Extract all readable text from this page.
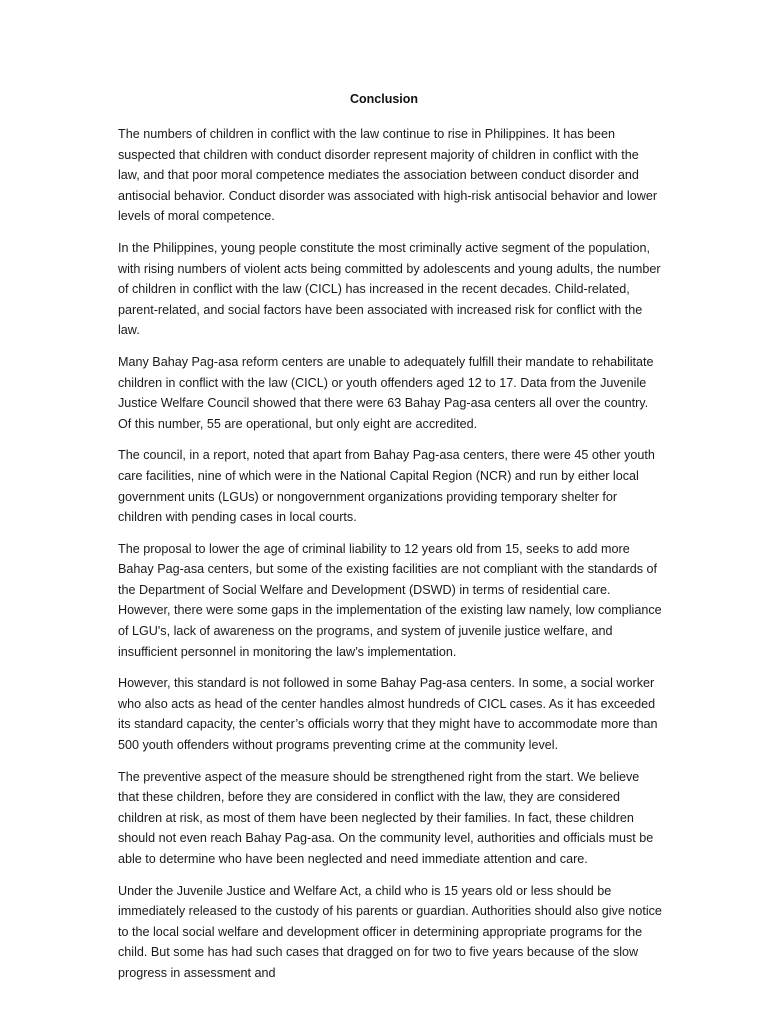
Conclusion

The numbers of children in conflict with the law continue to rise in Philippines. It has been suspected that children with conduct disorder represent majority of children in conflict with the law, and that poor moral competence mediates the association between conduct disorder and antisocial behavior. Conduct disorder was associated with high-risk antisocial behavior and lower levels of moral competence.

In the Philippines, young people constitute the most criminally active segment of the population, with rising numbers of violent acts being committed by adolescents and young adults, the number of children in conflict with the law (CICL) has increased in the recent decades. Child-related, parent-related, and social factors have been associated with increased risk for conflict with the law.

Many Bahay Pag-asa reform centers are unable to adequately fulfill their mandate to rehabilitate children in conflict with the law (CICL) or youth offenders aged 12 to 17. Data from the Juvenile Justice Welfare Council showed that there were 63 Bahay Pag-asa centers all over the country. Of this number, 55 are operational, but only eight are accredited.

The council, in a report, noted that apart from Bahay Pag-asa centers, there were 45 other youth care facilities, nine of which were in the National Capital Region (NCR) and run by either local government units (LGUs) or nongovernment organizations providing temporary shelter for children with pending cases in local courts.

The proposal to lower the age of criminal liability to 12 years old from 15, seeks to add more Bahay Pag-asa centers, but some of the existing facilities are not compliant with the standards of the Department of Social Welfare and Development (DSWD) in terms of residential care. However, there were some gaps in the implementation of the existing law namely, low compliance of LGU's, lack of awareness on the programs, and system of juvenile justice welfare, and insufficient personnel in monitoring the law’s implementation.

However, this standard is not followed in some Bahay Pag-asa centers. In some, a social worker who also acts as head of the center handles almost hundreds of CICL cases. As it has exceeded its standard capacity, the center’s officials worry that they might have to accommodate more than 500 youth offenders without programs preventing crime at the community level.

The preventive aspect of the measure should be strengthened right from the start. We believe that these children, before they are considered in conflict with the law, they are considered children at risk, as most of them have been neglected by their families. In fact, these children should not even reach Bahay Pag-asa. On the community level, authorities and officials must be able to determine who have been neglected and need immediate attention and care.

Under the Juvenile Justice and Welfare Act, a child who is 15 years old or less should be immediately released to the custody of his parents or guardian. Authorities should also give notice to the local social welfare and development officer in determining appropriate programs for the child. But some has had such cases that dragged on for two to five years because of the slow progress in assessment and
